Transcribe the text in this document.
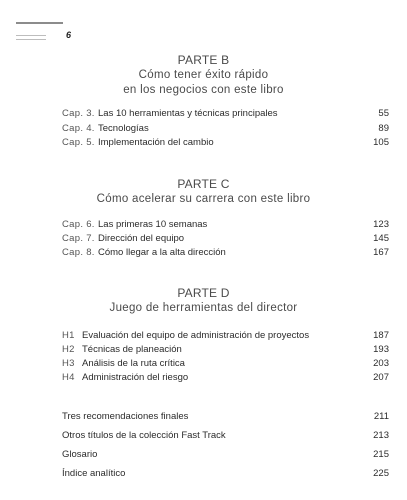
6
PARTE B
Cómo tener éxito rápido
en los negocios con este libro
Cap. 3. Las 10 herramientas y técnicas principales	55
Cap. 4. Tecnologías	89
Cap. 5. Implementación del cambio	105
PARTE C
Cómo acelerar su carrera con este libro
Cap. 6. Las primeras 10 semanas	123
Cap. 7. Dirección del equipo	145
Cap. 8. Cómo llegar a la alta dirección	167
PARTE D
Juego de herramientas del director
H1 Evaluación del equipo de administración de proyectos	187
H2 Técnicas de planeación	193
H3 Análisis de la ruta crítica	203
H4 Administración del riesgo	207
Tres recomendaciones finales	211
Otros títulos de la colección Fast Track	213
Glosario	215
Índice analítico	225
